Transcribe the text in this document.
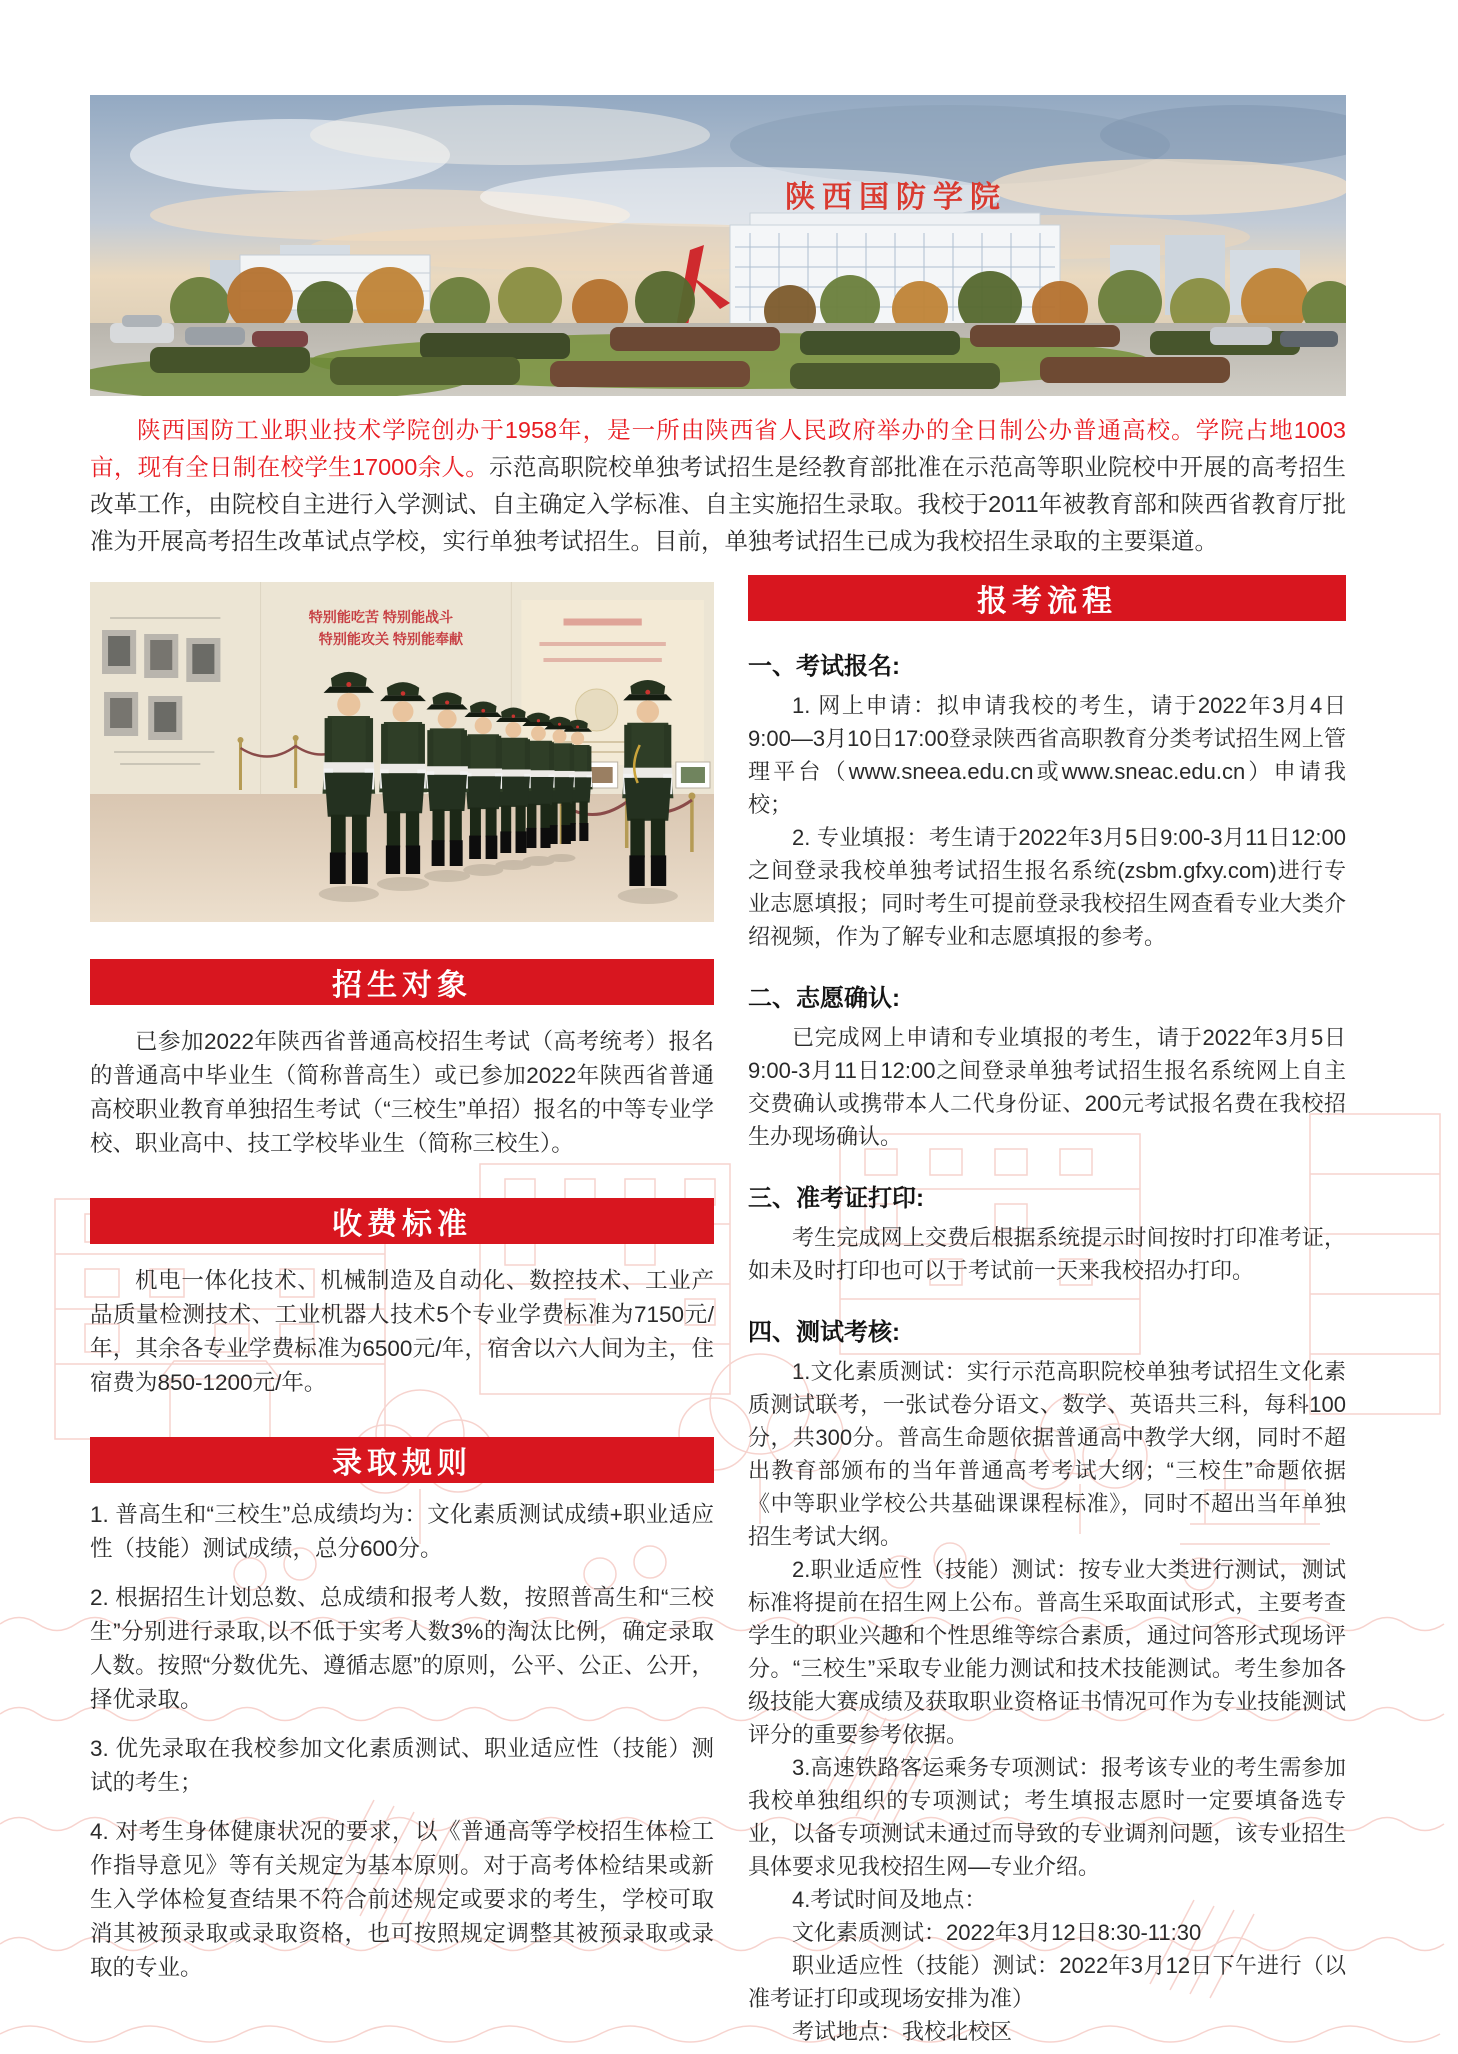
陕西国防学院

陕西国防工业职业技术学院创办于1958年，是一所由陕西省人民政府举办的全日制公办普通高校。学院占地1003亩，现有全日制在校学生17000余人。示范高职院校单独考试招生是经教育部批准在示范高等职业院校中开展的高考招生改革工作，由院校自主进行入学测试、自主确定入学标准、自主实施招生录取。我校于2011年被教育部和陕西省教育厅批准为开展高考招生改革试点学校，实行单独考试招生。目前，单独考试招生已成为我校招生录取的主要渠道。

特别能吃苦 特别能战斗
特别能攻关 特别能奉献
招生对象

已参加2022年陕西省普通高校招生考试（高考统考）报名的普通高中毕业生（简称普高生）或已参加2022年陕西省普通高校职业教育单独招生考试（“三校生”单招）报名的中等专业学校、职业高中、技工学校毕业生（简称三校生）。

收费标准

机电一体化技术、机械制造及自动化、数控技术、工业产品质量检测技术、工业机器人技术5个专业学费标准为7150元/年，其余各专业学费标准为6500元/年，宿舍以六人间为主，住宿费为850-1200元/年。

录取规则

1. 普高生和“三校生”总成绩均为：文化素质测试成绩+职业适应性（技能）测试成绩，总分600分。

2. 根据招生计划总数、总成绩和报考人数，按照普高生和“三校生”分别进行录取,以不低于实考人数3%的淘汰比例，确定录取人数。按照“分数优先、遵循志愿”的原则，公平、公正、公开，择优录取。

3. 优先录取在我校参加文化素质测试、职业适应性（技能）测试的考生；

4. 对考生身体健康状况的要求，以《普通高等学校招生体检工作指导意见》等有关规定为基本原则。对于高考体检结果或新生入学体检复查结果不符合前述规定或要求的考生，学校可取消其被预录取或录取资格，也可按照规定调整其被预录取或录取的专业。

报考流程
一、考试报名:

1. 网上申请：拟申请我校的考生，请于2022年3月4日9:00—3月10日17:00登录陕西省高职教育分类考试招生网上管理平台（www.sneea.edu.cn或www.sneac.edu.cn）申请我校；

2. 专业填报：考生请于2022年3月5日9:00-3月11日12:00之间登录我校单独考试招生报名系统(zsbm.gfxy.com)进行专业志愿填报；同时考生可提前登录我校招生网查看专业大类介绍视频，作为了解专业和志愿填报的参考。

二、志愿确认:

已完成网上申请和专业填报的考生，请于2022年3月5日9:00-3月11日12:00之间登录单独考试招生报名系统网上自主交费确认或携带本人二代身份证、200元考试报名费在我校招生办现场确认。

三、准考证打印:

考生完成网上交费后根据系统提示时间按时打印准考证，如未及时打印也可以于考试前一天来我校招办打印。

四、测试考核:

1.文化素质测试：实行示范高职院校单独考试招生文化素质测试联考，一张试卷分语文、数学、英语共三科，每科100分，共300分。普高生命题依据普通高中教学大纲，同时不超出教育部颁布的当年普通高考考试大纲；“三校生”命题依据《中等职业学校公共基础课课程标准》，同时不超出当年单独招生考试大纲。

2.职业适应性（技能）测试：按专业大类进行测试，测试标准将提前在招生网上公布。普高生采取面试形式，主要考查学生的职业兴趣和个性思维等综合素质，通过问答形式现场评分。“三校生”采取专业能力测试和技术技能测试。考生参加各级技能大赛成绩及获取职业资格证书情况可作为专业技能测试评分的重要参考依据。

3.高速铁路客运乘务专项测试：报考该专业的考生需参加我校单独组织的专项测试；考生填报志愿时一定要填备选专业，以备专项测试未通过而导致的专业调剂问题，该专业招生具体要求见我校招生网—专业介绍。

4.考试时间及地点：

文化素质测试：2022年3月12日8:30-11:30

职业适应性（技能）测试：2022年3月12日下午进行（以准考证打印或现场安排为准）

考试地点：我校北校区
